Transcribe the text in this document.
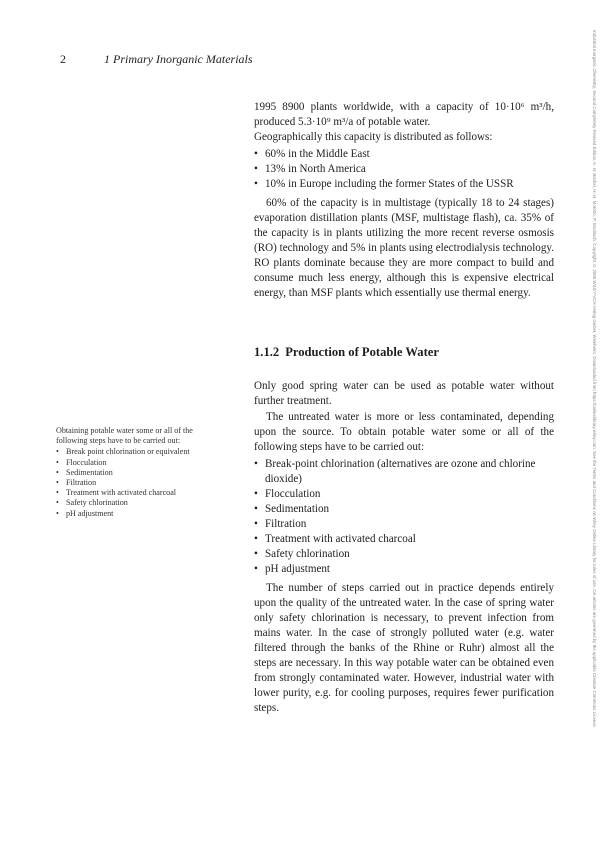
2	1 Primary Inorganic Materials

1995 8900 plants worldwide, with a capacity of 10·10⁶ m³/h, produced 5.3·10⁹ m³/a of potable water.

Geographically this capacity is distributed as follows:

• 60% in the Middle East
• 13% in North America
• 10% in Europe including the former States of the USSR

60% of the capacity is in multistage (typically 18 to 24 stages) evaporation distillation plants (MSF, multistage flash), ca. 35% of the capacity is in plants utilizing the more recent reverse osmosis (RO) technology and 5% in plants using electrodialysis technology. RO plants dominate because they are more compact to build and consume much less energy, although this is expensive electrical energy, than MSF plants which essentially use thermal energy.

1.1.2 Production of Potable Water

Only good spring water can be used as potable water without further treatment.

The untreated water is more or less contaminated, depending upon the source. To obtain potable water some or all of the following steps have to be carried out:

• Break-point chlorination (alternatives are ozone and chlorine dioxide)
• Flocculation
• Sedimentation
• Filtration
• Treatment with activated charcoal
• Safety chlorination
• pH adjustment

The number of steps carried out in practice depends entirely upon the quality of the untreated water. In the case of spring water only safety chlorination is necessary, to prevent infection from mains water. In the case of strongly polluted water (e.g. water filtered through the banks of the Rhine or Ruhr) almost all the steps are necessary. In this way potable water can be obtained even from strongly contaminated water. However, industrial water with lower purity, e.g. for cooling purposes, requires fewer purification steps.

Obtaining potable water some or all of the following steps have to be carried out:

• Break point chlorination or equivalent
• Flocculation
• Sedimentation
• Filtration
• Treatment with activated charcoal
• Safety chlorination
• pH adjustment	Industrial Inorganic Chemistry, Second Completely Revised Edition. K. H. Büchel, H.-H. Moretto, P. Woditsch. Copyright © 2000 WILEY-VCH Verlag GmbH, Weinheim. Downloaded from https://onlinelibrary.wiley.com. See the Terms and Conditions on Wiley Online Library for rules of use; OA articles are governed by the applicable Creative Commons License
